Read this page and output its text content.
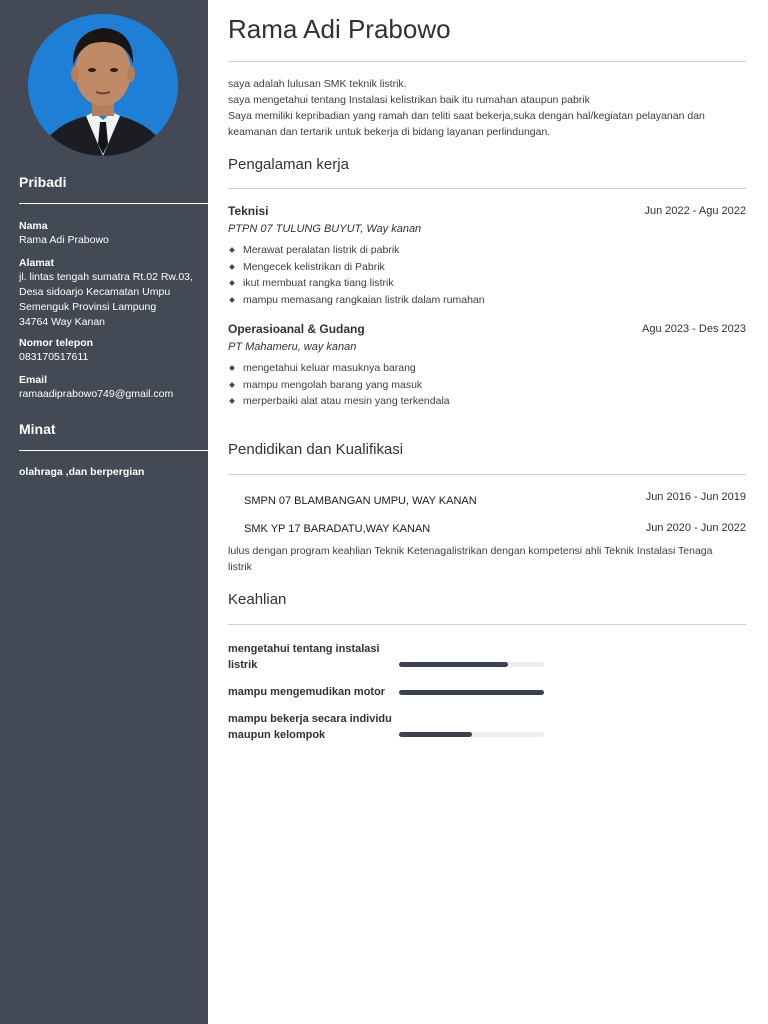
Pribadi
Nama
Rama Adi Prabowo
Alamat
jl. lintas tengah sumatra Rt.02 Rw.03,
Desa sidoarjo Kecamatan Umpu
Semenguk Provinsi Lampung
34764 Way Kanan
Nomor telepon
083170517611
Email
ramaadiprabowo749@gmail.com
Minat
olahraga ,dan berpergian
Rama Adi Prabowo
saya adalah lulusan SMK teknik listrik.
saya mengetahui tentang Instalasi kelistrikan baik itu rumahan ataupun pabrik
Saya memiliki kepribadian yang ramah dan teliti saat bekerja,suka dengan hal/kegiatan pelayanan dan
keamanan dan tertarik untuk bekerja di bidang layanan perlindungan.
Pengalaman kerja
Teknisi	Jun 2022 - Agu 2022
PTPN 07 TULUNG BUYUT, Way kanan
Merawat peralatan listrik di pabrik
Mengecek kelistrikan di Pabrik
ikut membuat rangka tiang listrik
mampu memasang rangkaian listrik dalam rumahan
Operasioanal & Gudang	Agu 2023 - Des 2023
PT Mahameru, way kanan
mengetahui keluar masuknya barang
mampu mengolah barang yang masuk
merperbaiki alat atau mesin yang terkendala
Pendidikan dan Kualifikasi
SMPN 07 BLAMBANGAN UMPU, WAY KANAN	Jun 2016 - Jun 2019
SMK YP 17 BARADATU,WAY KANAN	Jun 2020 - Jun 2022
lulus dengan program keahlian Teknik Ketenagalistrikan dengan kompetensi ahli Teknik Instalasi Tenaga
listrik
Keahlian
mengetahui tentang instalasi
listrik
mampu mengemudikan motor
mampu bekerja secara individu
maupun kelompok
